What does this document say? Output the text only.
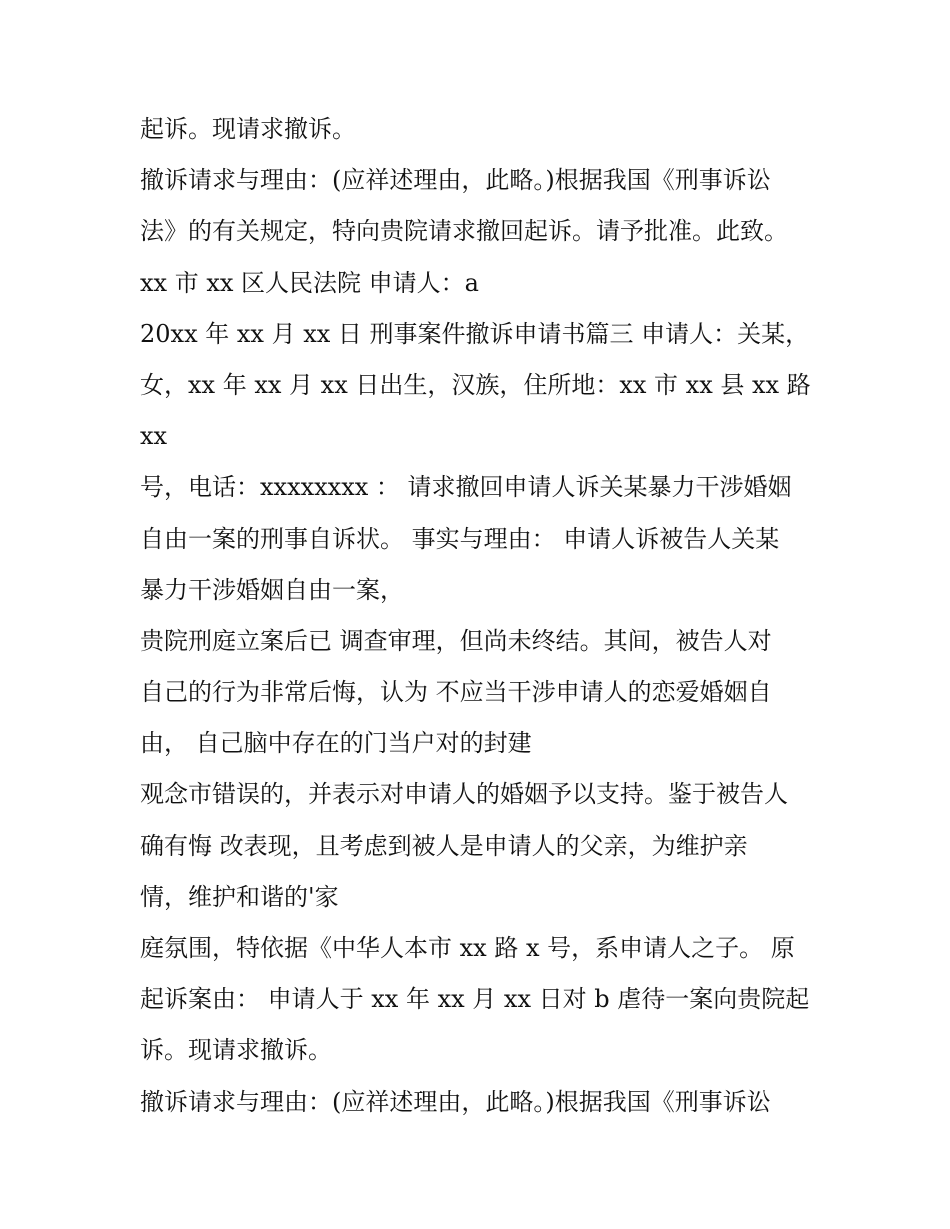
起诉。现请求撤诉。
撤诉请求与理由：(应祥述理由，此略。)根据我国《刑事诉讼
法》的有关规定，特向贵院请求撤回起诉。请予批准。此致。
xx 市 xx 区人民法院 申请人：a
20xx 年 xx 月 xx 日 刑事案件撤诉申请书篇三 申请人：关某，
女，xx 年 xx 月 xx 日出生，汉族，住所地：xx 市 xx 县 xx 路
xx
号，电话：xxxxxxxx ： 请求撤回申请人诉关某暴力干涉婚姻
自由一案的刑事自诉状。 事实与理由： 申请人诉被告人关某
暴力干涉婚姻自由一案，
贵院刑庭立案后已 调查审理，但尚未终结。其间，被告人对
自己的行为非常后悔，认为 不应当干涉申请人的恋爱婚姻自
由， 自己脑中存在的门当户对的封建
观念市错误的，并表示对申请人的婚姻予以支持。鉴于被告人
确有悔 改表现，且考虑到被人是申请人的父亲，为维护亲
情，维护和谐的'家
庭氛围，特依据《中华人本市 xx 路 x 号，系申请人之子。 原
起诉案由： 申请人于 xx 年 xx 月 xx 日对 b 虐待一案向贵院起
诉。现请求撤诉。
撤诉请求与理由：(应祥述理由，此略。)根据我国《刑事诉讼
